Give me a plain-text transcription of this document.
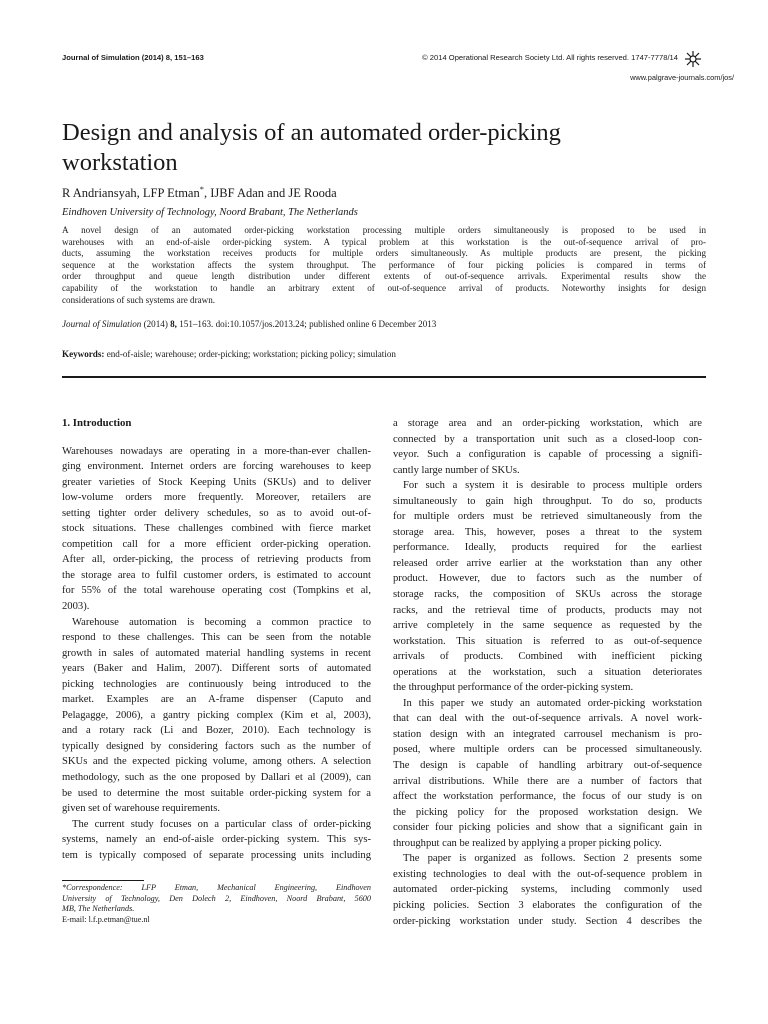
Journal of Simulation (2014) 8, 151–163	© 2014 Operational Research Society Ltd. All rights reserved. 1747-7778/14
www.palgrave-journals.com/jos/
Design and analysis of an automated order-picking
workstation
R Andriansyah, LFP Etman*, IJBF Adan and JE Rooda
Eindhoven University of Technology, Noord Brabant, The Netherlands
A novel design of an automated order-picking workstation processing multiple orders simultaneously is proposed to be used in
warehouses with an end-of-aisle order-picking system. A typical problem at this workstation is the out-of-sequence arrival of pro-
ducts, assuming the workstation receives products for multiple orders simultaneously. As multiple products are present, the picking
sequence at the workstation affects the system throughput. The performance of four picking policies is compared in terms of
order throughput and queue length distribution under different extents of out-of-sequence arrivals. Experimental results show the
capability of the workstation to handle an arbitrary extent of out-of-sequence arrival of products. Noteworthy insights for design
considerations of such systems are drawn.
Journal of Simulation (2014) 8, 151–163. doi:10.1057/jos.2013.24; published online 6 December 2013
Keywords: end-of-aisle; warehouse; order-picking; workstation; picking policy; simulation
1. Introduction
Warehouses nowadays are operating in a more-than-ever challen-
ging environment. Internet orders are forcing warehouses to keep
greater varieties of Stock Keeping Units (SKUs) and to deliver
low-volume orders more frequently. Moreover, retailers are
setting tighter order delivery schedules, so as to avoid out-of-
stock situations. These challenges combined with fierce market
competition call for a more efficient order-picking operation.
After all, order-picking, the process of retrieving products from
the storage area to fulfil customer orders, is estimated to account
for 55% of the total warehouse operating cost (Tompkins et al,
2003).
Warehouse automation is becoming a common practice to
respond to these challenges. This can be seen from the notable
growth in sales of automated material handling systems in recent
years (Baker and Halim, 2007). Different sorts of automated
picking technologies are continuously being introduced to the
market. Examples are an A-frame dispenser (Caputo and
Pelagagge, 2006), a gantry picking complex (Kim et al, 2003),
and a rotary rack (Li and Bozer, 2010). Each technology is
typically designed by considering factors such as the number of
SKUs and the expected picking volume, among others. A selection
methodology, such as the one proposed by Dallari et al (2009), can
be used to determine the most suitable order-picking system for a
given set of warehouse requirements.
The current study focuses on a particular class of order-picking
systems, namely an end-of-aisle order-picking system. This sys-
tem is typically composed of separate processing units including
a storage area and an order-picking workstation, which are
connected by a transportation unit such as a closed-loop con-
veyor. Such a configuration is capable of processing a signifi-
cantly large number of SKUs.
For such a system it is desirable to process multiple orders
simultaneously to gain high throughput. To do so, products
for multiple orders must be retrieved simultaneously from the
storage area. This, however, poses a threat to the system
performance. Ideally, products required for the earliest
released order arrive earlier at the workstation than any other
product. However, due to factors such as the number of
storage racks, the composition of SKUs across the storage
racks, and the retrieval time of products, products may not
arrive completely in the same sequence as requested by the
workstation. This situation is referred to as out-of-sequence
arrivals of products. Combined with inefficient picking
operations at the workstation, such a situation deteriorates
the throughput performance of the order-picking system.
In this paper we study an automated order-picking workstation
that can deal with the out-of-sequence arrivals. A novel work-
station design with an integrated carrousel mechanism is pro-
posed, where multiple orders can be processed simultaneously.
The design is capable of handling arbitrary out-of-sequence
arrival distributions. While there are a number of factors that
affect the workstation performance, the focus of our study is on
the picking policy for the proposed workstation design. We
consider four picking policies and show that a significant gain in
throughput can be realized by applying a proper picking policy.
The paper is organized as follows. Section 2 presents some
existing technologies to deal with the out-of-sequence problem in
automated order-picking systems, including commonly used
picking policies. Section 3 elaborates the configuration of the
order-picking workstation under study. Section 4 describes the
*Correspondence: LFP Etman, Mechanical Engineering, Eindhoven
University of Technology, Den Dolech 2, Eindhoven, Noord Brabant, 5600
MB, The Netherlands.
E-mail: l.f.p.etman@tue.nl
